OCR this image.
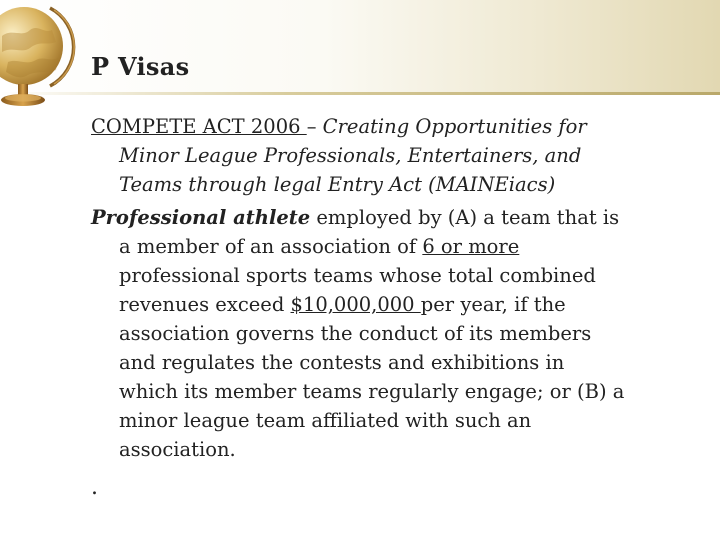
P Visas
COMPETE ACT 2006 – Creating Opportunities for
Minor League Professionals, Entertainers, and
Teams through legal Entry Act (MAINEiacs)
Professional athlete employed by (A) a team that is
a member of an association of 6 or more
professional sports teams whose total combined
revenues exceed $10,000,000 per year, if the
association governs the conduct of its members
and regulates the contests and exhibitions in
which its member teams regularly engage; or (B) a
minor league team affiliated with such an
association.
.
